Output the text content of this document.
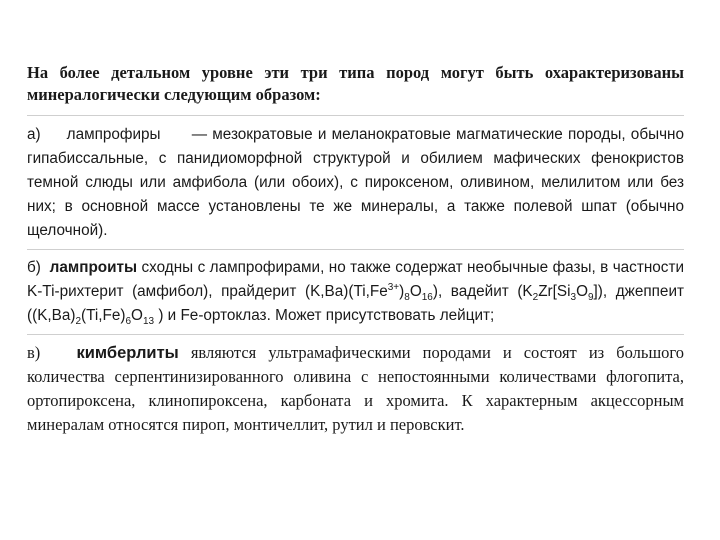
На более детальном уровне эти три типа пород могут быть охарактеризованы минералогически следующим образом:

а) лампрофиры — мезократовые и меланократовые магматические породы, обычно гипабиссальные, с панидиоморфной структурой и обилием мафических фенокристов темной слюды или амфибола (или обоих), с пироксеном, оливином, мелилитом или без них; в основной массе установлены те же минералы, а также полевой шпат (обычно щелочной).

б) лампроиты сходны с лампрофирами, но также содержат необычные фазы, в частности K-Ti-рихтерит (амфибол), прайдерит $(K,Ba)(Ti,Fe^{3+})_8O_{16}$), вадейит $(K_2Zr[Si_3O_9])$, джеппеит ($(K,Ba)_2(Ti,Fe)_6O_{13}$ ) и Fe-ортоклаз. Может присутствовать лейцит;

в) кимберлиты являются ультрамафическими породами и состоят из большого количества серпентинизированного оливина с непостоянными количествами флогопита, ортопироксена, клинопироксена, карбоната и хромита. К характерным акцессорным минералам относятся пироп, монтичеллит, рутил и перовскит.
